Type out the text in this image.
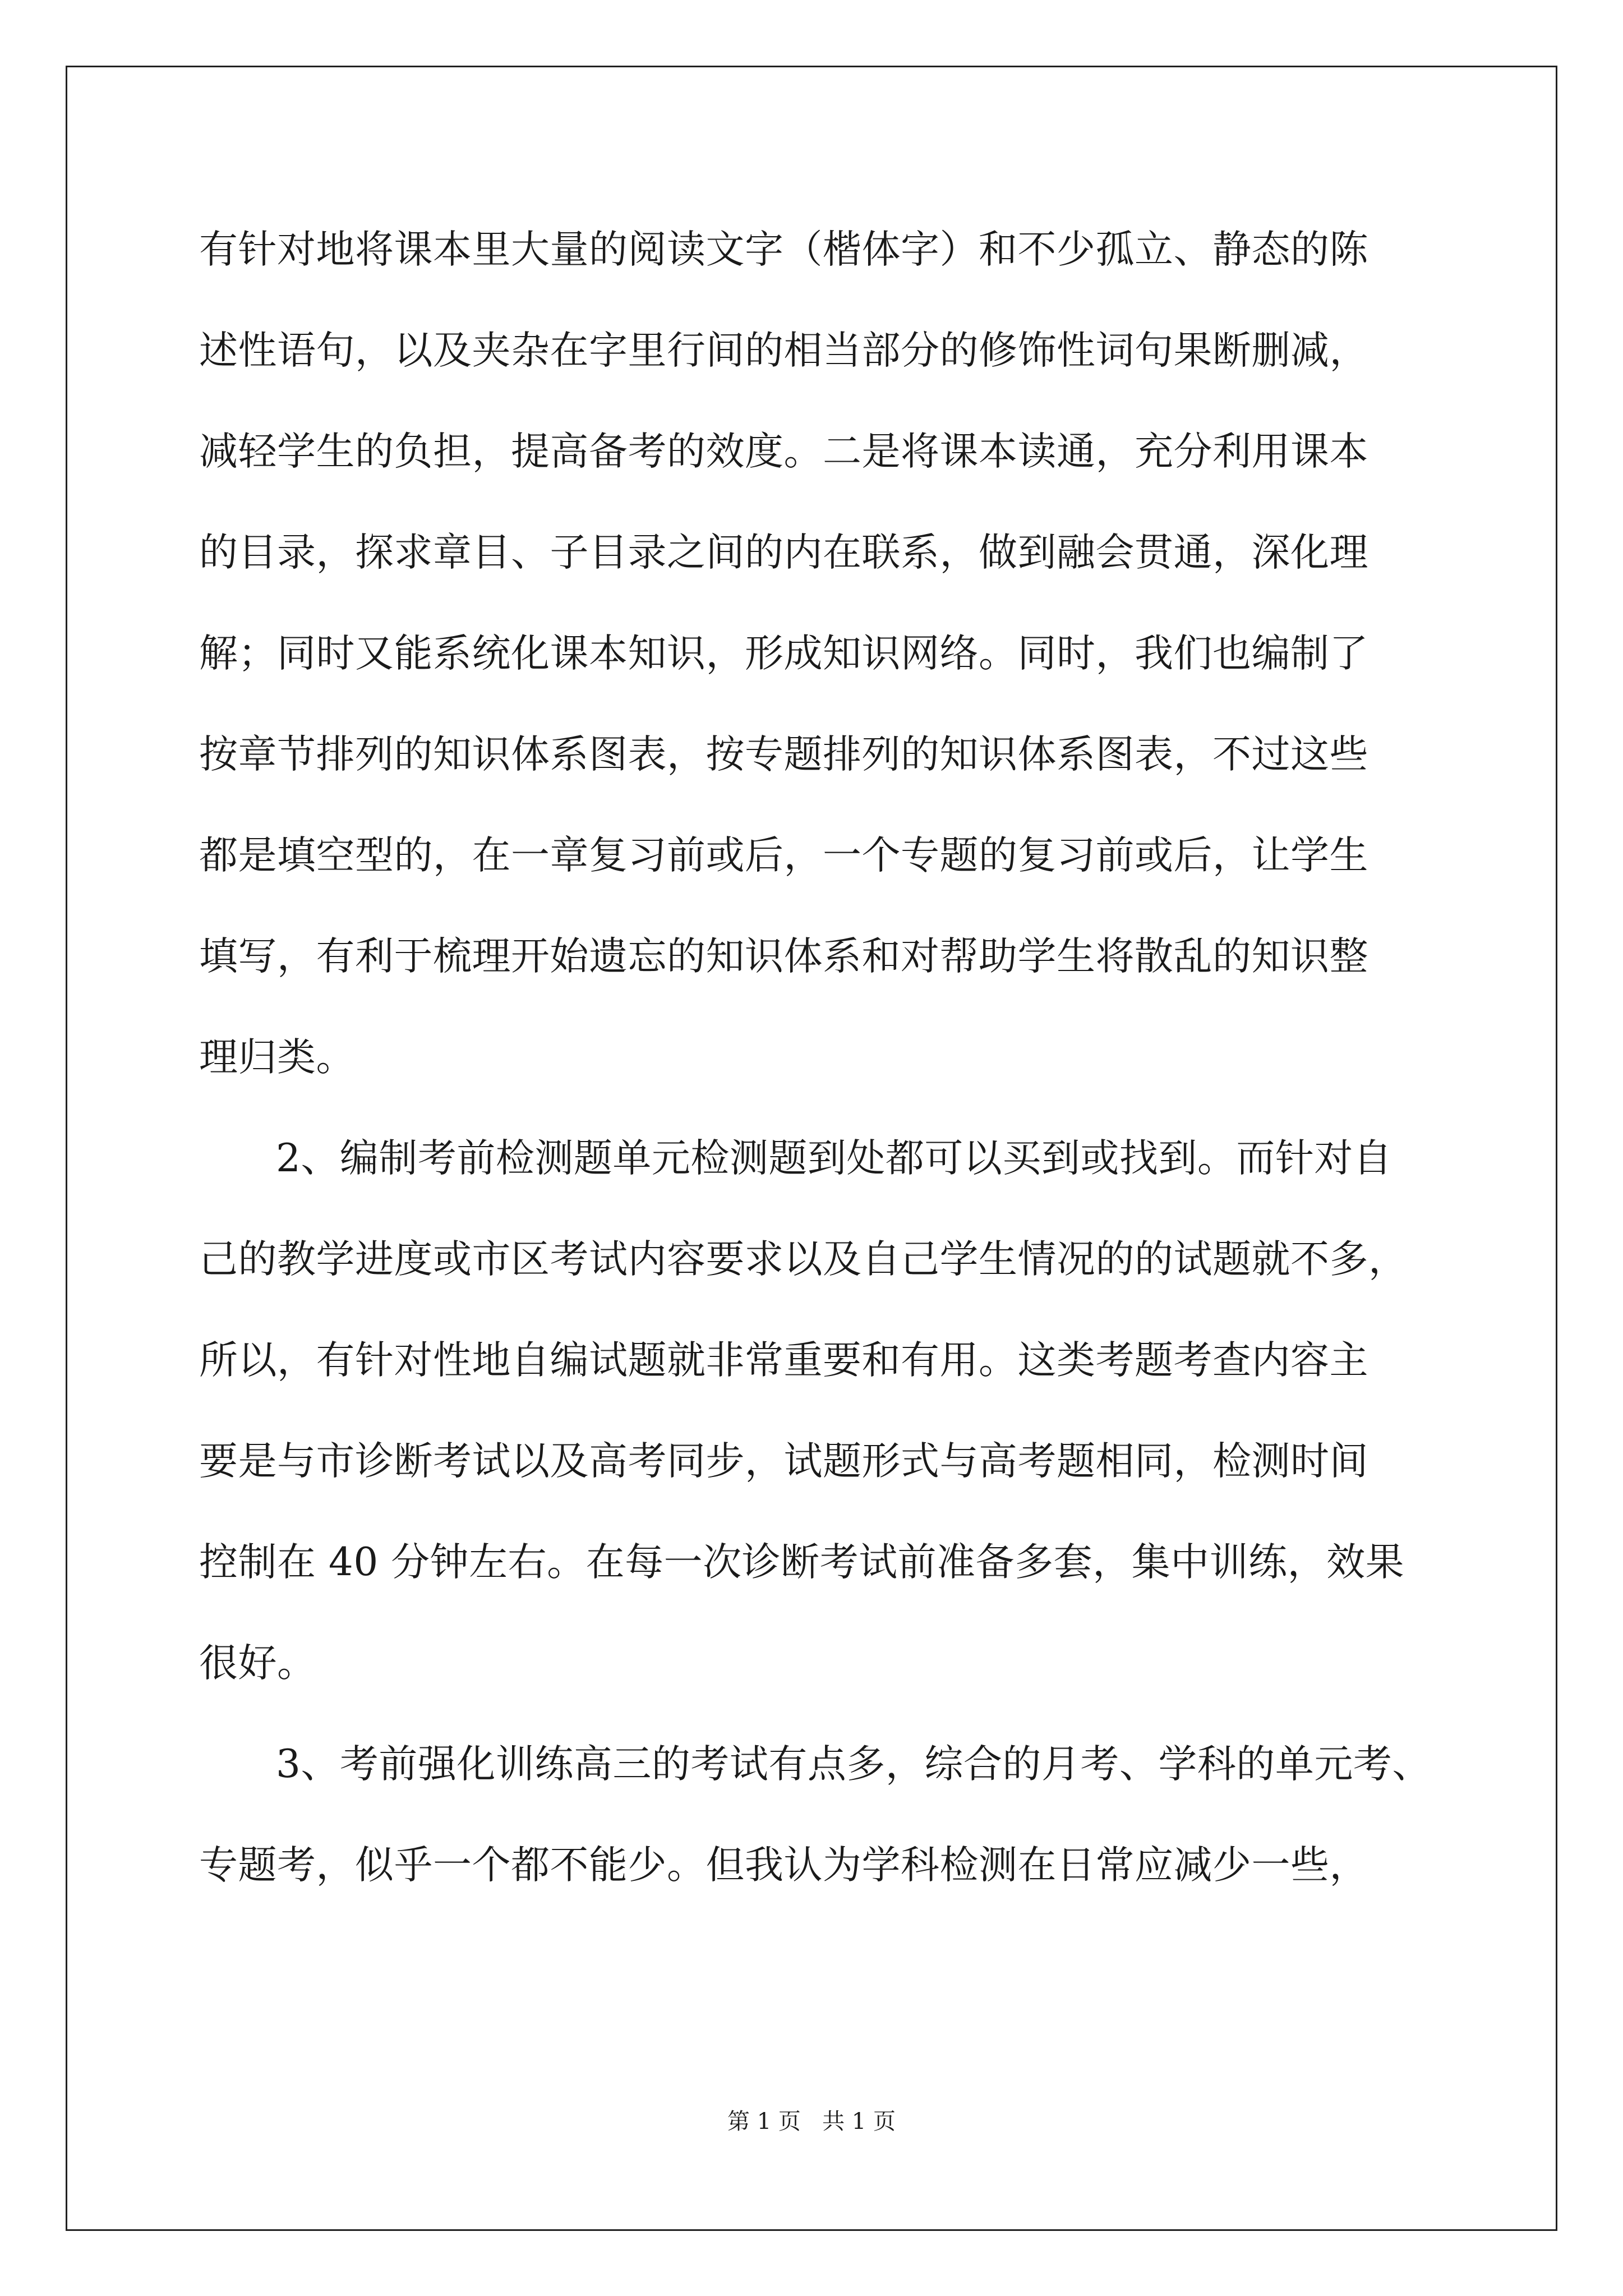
有针对地将课本里大量的阅读文字（楷体字）和不少孤立、静态的陈
述性语句，以及夹杂在字里行间的相当部分的修饰性词句果断删减，
减轻学生的负担，提高备考的效度。二是将课本读通，充分利用课本
的目录，探求章目、子目录之间的内在联系，做到融会贯通，深化理
解；同时又能系统化课本知识，形成知识网络。同时，我们也编制了
按章节排列的知识体系图表，按专题排列的知识体系图表，不过这些
都是填空型的，在一章复习前或后，一个专题的复习前或后，让学生
填写，有利于梳理开始遗忘的知识体系和对帮助学生将散乱的知识整
理归类。
2、编制考前检测题单元检测题到处都可以买到或找到。而针对自
己的教学进度或市区考试内容要求以及自己学生情况的的试题就不多，
所以，有针对性地自编试题就非常重要和有用。这类考题考查内容主
要是与市诊断考试以及高考同步，试题形式与高考题相同，检测时间
控制在 40 分钟左右。在每一次诊断考试前准备多套，集中训练，效果
很好。
3、考前强化训练高三的考试有点多，综合的月考、学科的单元考、
专题考，似乎一个都不能少。但我认为学科检测在日常应减少一些，
第 1 页   共 1 页
